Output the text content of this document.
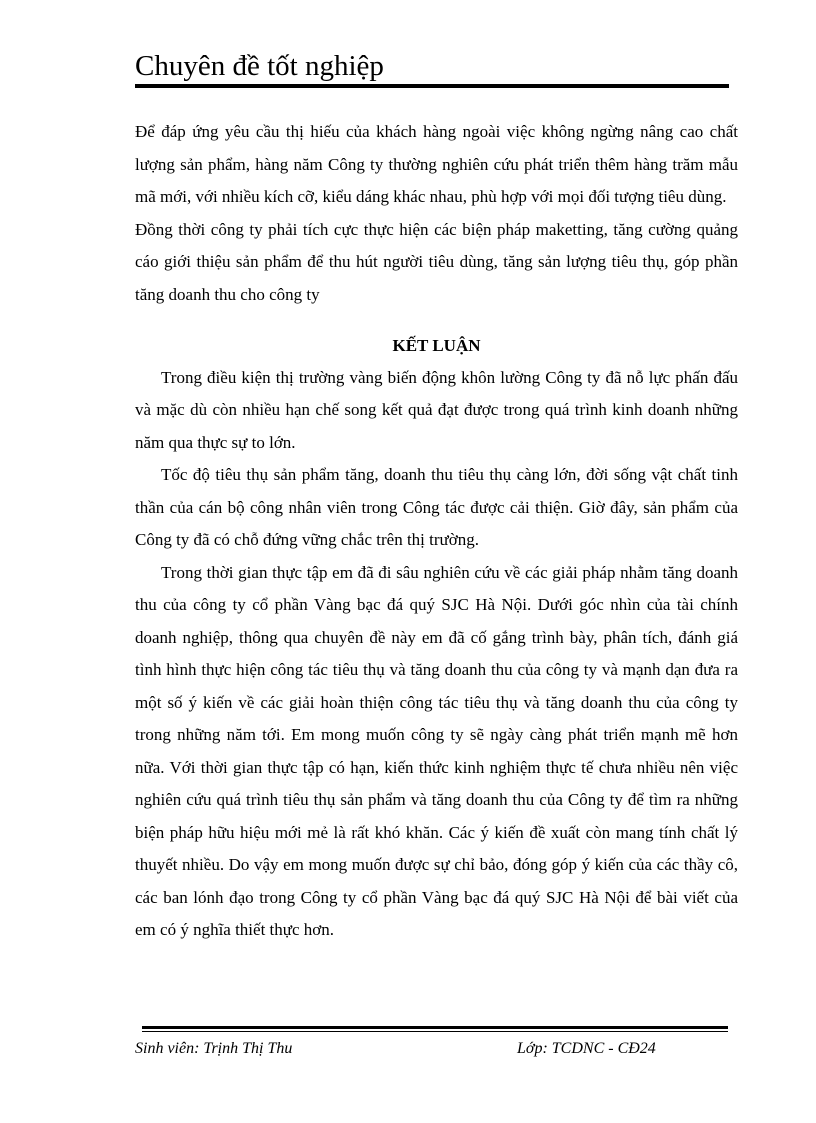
Chuyên đề tốt nghiệp

Để đáp ứng yêu cầu thị hiếu của khách hàng ngoài việc không ngừng nâng cao chất lượng sản phẩm, hàng năm Công ty thường nghiên cứu phát triển thêm hàng trăm mẫu mã mới, với nhiều kích cỡ, kiểu dáng khác nhau, phù hợp với mọi đối tượng tiêu dùng.

Đồng thời công ty phải tích cực thực hiện các biện pháp maketting, tăng cường quảng cáo giới thiệu sản phẩm để thu hút người tiêu dùng, tăng sản lượng tiêu thụ, góp phần tăng doanh thu cho công ty

KẾT LUẬN

Trong điều kiện thị trường vàng biến động khôn lường Công ty đã nỗ lực phấn đấu và mặc dù còn nhiều hạn chế song kết quả đạt được trong quá trình kinh doanh những năm qua thực sự to lớn.

Tốc độ tiêu thụ sản phẩm tăng, doanh thu tiêu thụ càng lớn, đời sống vật chất tinh thần của cán bộ công nhân viên trong Công tác được cải thiện. Giờ đây, sản phẩm của Công ty đã có chỗ đứng vững chắc trên thị trường.

Trong thời gian thực tập em đã đi sâu nghiên cứu về các giải pháp nhằm tăng doanh thu của công ty cổ phần Vàng bạc đá quý SJC Hà Nội. Dưới góc nhìn của tài chính doanh nghiệp, thông qua chuyên đề này em đã cố gắng trình bày, phân tích, đánh giá tình hình thực hiện công tác tiêu thụ và tăng doanh thu của công ty và mạnh dạn đưa ra một số ý kiến về các giải hoàn thiện công tác tiêu thụ và tăng doanh thu của công ty trong những năm tới. Em mong muốn công ty sẽ ngày càng phát triển mạnh mẽ hơn nữa. Với thời gian thực tập có hạn, kiến thức kinh nghiệm thực tế chưa nhiều nên việc nghiên cứu quá trình tiêu thụ sản phẩm và tăng doanh thu của Công ty để tìm ra những biện pháp hữu hiệu mới mẻ là rất khó khăn. Các ý kiến đề xuất còn mang tính chất lý thuyết nhiều. Do vậy em mong muốn được sự chỉ bảo, đóng góp ý kiến của các thầy cô, các ban lónh đạo trong Công ty cổ phần Vàng bạc đá quý SJC Hà Nội để bài viết của em có ý nghĩa thiết thực hơn.

Sinh viên: Trịnh Thị Thu	Lớp: TCDNC - CĐ24
